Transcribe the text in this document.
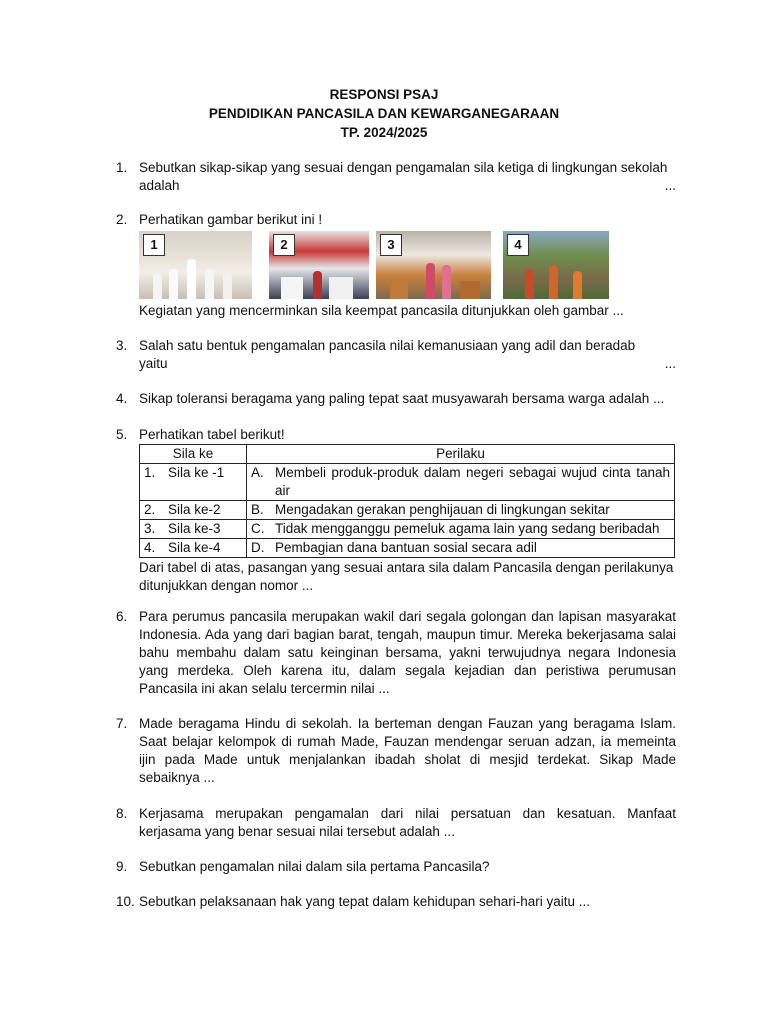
RESPONSI PSAJ
PENDIDIKAN PANCASILA DAN KEWARGANEGARAAN
TP. 2024/2025
1. Sebutkan sikap-sikap yang sesuai dengan pengamalan sila ketiga di lingkungan sekolah
adalah	...
2. Perhatikan gambar berikut ini !
1	2	3	4
Kegiatan yang mencerminkan sila keempat pancasila ditunjukkan oleh gambar ...
3. Salah satu bentuk pengamalan pancasila nilai kemanusiaan yang adil dan beradab
yaitu	...
4. Sikap toleransi beragama yang paling tepat saat musyawarah bersama warga adalah ...
5. Perhatikan tabel berikut!
Sila ke	Perilaku

1. Sila ke -1	A. Membeli produk-produk dalam negeri sebagai wujud cinta tanah air

2. Sila ke-2	B. Mengadakan gerakan penghijauan di lingkungan sekitar

3. Sila ke-3	C. Tidak mengganggu pemeluk agama lain yang sedang beribadah

4. Sila ke-4	D. Pembagian dana bantuan sosial secara adil
Dari tabel di atas, pasangan yang sesuai antara sila dalam Pancasila dengan perilakunya ditunjukkan dengan nomor ...
6. Para perumus pancasila merupakan wakil dari segala golongan dan lapisan masyarakat Indonesia. Ada yang dari bagian barat, tengah, maupun timur. Mereka bekerjasama salai bahu membahu dalam satu keinginan bersama, yakni terwujudnya negara Indonesia yang merdeka. Oleh karena itu, dalam segala kejadian dan peristiwa perumusan Pancasila ini akan selalu tercermin nilai ...
7. Made beragama Hindu di sekolah. Ia berteman dengan Fauzan yang beragama Islam. Saat belajar kelompok di rumah Made, Fauzan mendengar seruan adzan, ia memeinta ijin pada Made untuk menjalankan ibadah sholat di mesjid terdekat. Sikap Made sebaiknya ...
8. Kerjasama merupakan pengamalan dari nilai persatuan dan kesatuan. Manfaat kerjasama yang benar sesuai nilai tersebut adalah ...
9. Sebutkan pengamalan nilai dalam sila pertama Pancasila?
10. Sebutkan pelaksanaan hak yang tepat dalam kehidupan sehari-hari yaitu ...
